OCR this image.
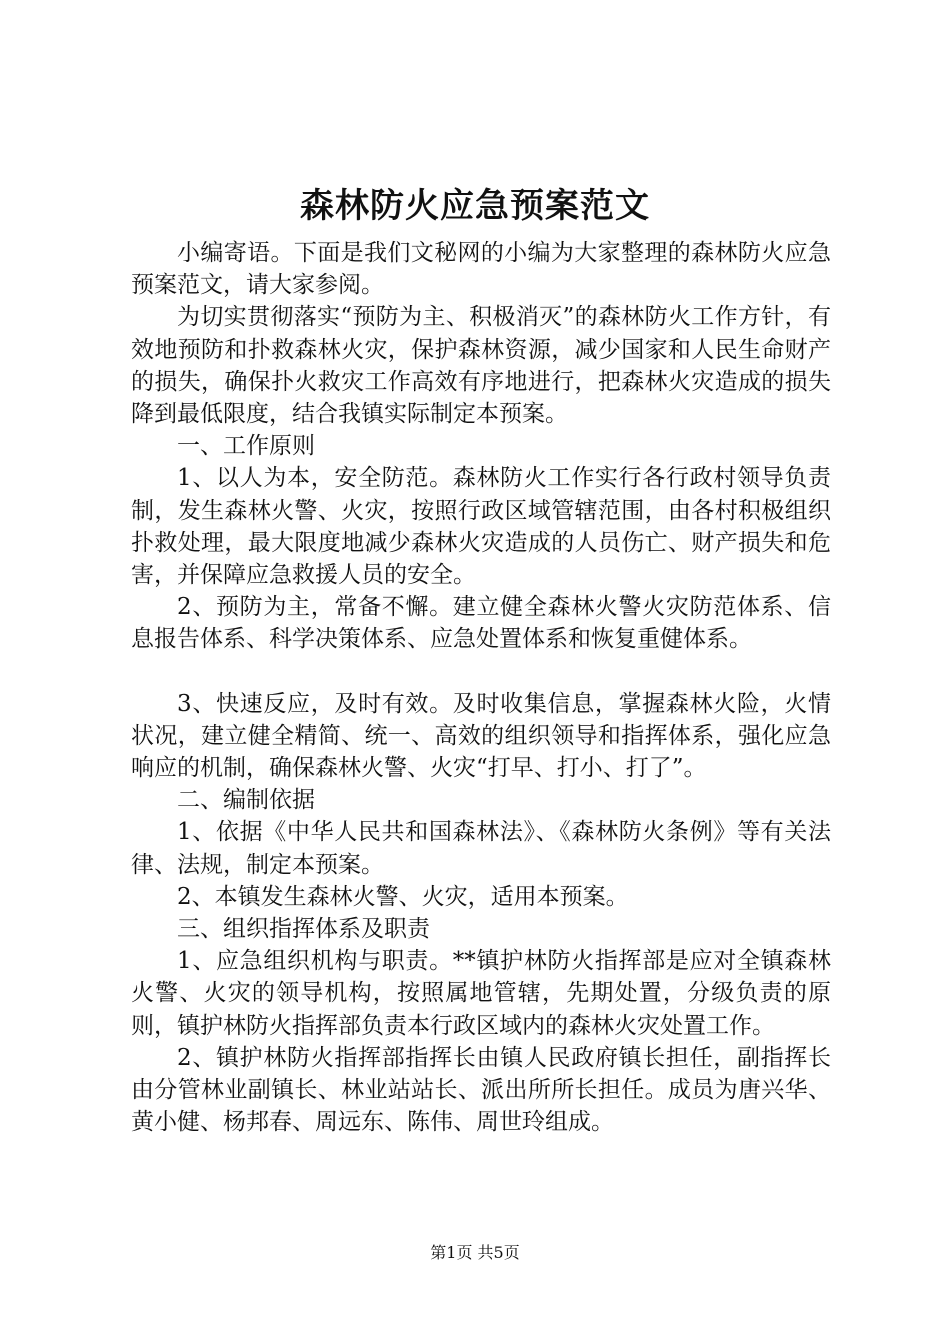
森林防火应急预案范文

小编寄语。下面是我们文秘网的小编为大家整理的森林防火应急预案范文，请大家参阅。

为切实贯彻落实“预防为主、积极消灭”的森林防火工作方针，有效地预防和扑救森林火灾，保护森林资源，减少国家和人民生命财产的损失，确保扑火救灾工作高效有序地进行，把森林火灾造成的损失降到最低限度，结合我镇实际制定本预案。

一、工作原则

1、以人为本，安全防范。森林防火工作实行各行政村领导负责制，发生森林火警、火灾，按照行政区域管辖范围，由各村积极组织扑救处理，最大限度地减少森林火灾造成的人员伤亡、财产损失和危害，并保障应急救援人员的安全。

2、预防为主，常备不懈。建立健全森林火警火灾防范体系、信息报告体系、科学决策体系、应急处置体系和恢复重健体系。

3、快速反应，及时有效。及时收集信息，掌握森林火险，火情状况，建立健全精简、统一、高效的组织领导和指挥体系，强化应急响应的机制，确保森林火警、火灾“打早、打小、打了”。

二、编制依据

1、依据《中华人民共和国森林法》、《森林防火条例》等有关法律、法规，制定本预案。

2、本镇发生森林火警、火灾，适用本预案。

三、组织指挥体系及职责

1、应急组织机构与职责。**镇护林防火指挥部是应对全镇森林火警、火灾的领导机构，按照属地管辖，先期处置，分级负责的原则，镇护林防火指挥部负责本行政区域内的森林火灾处置工作。

2、镇护林防火指挥部指挥长由镇人民政府镇长担任，副指挥长由分管林业副镇长、林业站站长、派出所所长担任。成员为唐兴华、黄小健、杨邦春、周远东、陈伟、周世玲组成。

第1页 共5页
